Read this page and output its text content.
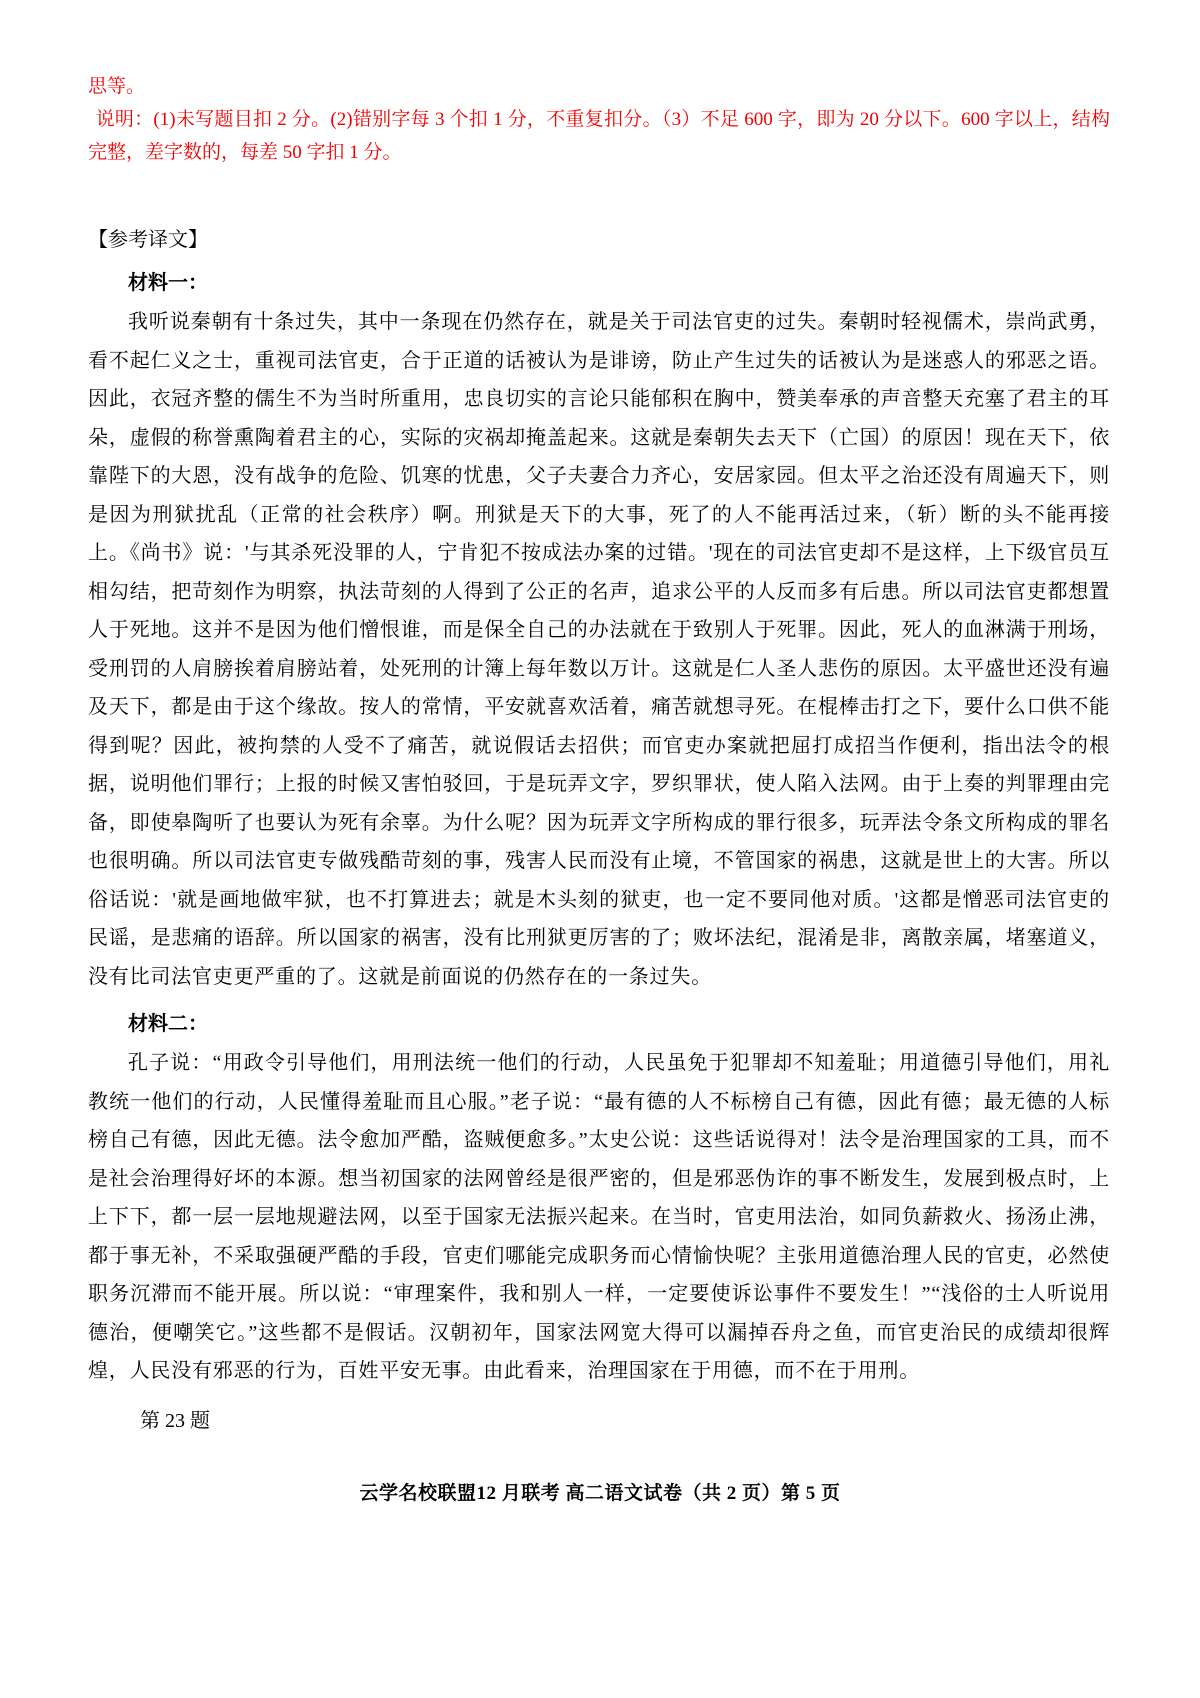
思等。

说明：(1)未写题目扣 2 分。(2)错别字每 3 个扣 1 分，不重复扣分。（3）不足 600 字，即为 20 分以下。600 字以上，结构完整，差字数的，每差 50 字扣 1 分。

【参考译文】

材料一：

我听说秦朝有十条过失，其中一条现在仍然存在，就是关于司法官吏的过失。秦朝时轻视儒术，崇尚武勇，看不起仁义之士，重视司法官吏，合于正道的话被认为是诽谤，防止产生过失的话被认为是迷惑人的邪恶之语。因此，衣冠齐整的儒生不为当时所重用，忠良切实的言论只能郁积在胸中，赞美奉承的声音整天充塞了君主的耳朵，虚假的称誉熏陶着君主的心，实际的灾祸却掩盖起来。这就是秦朝失去天下（亡国）的原因！现在天下，依靠陛下的大恩，没有战争的危险、饥寒的忧患，父子夫妻合力齐心，安居家园。但太平之治还没有周遍天下，则是因为刑狱扰乱（正常的社会秩序）啊。刑狱是天下的大事，死了的人不能再活过来，（斩）断的头不能再接上。《尚书》说：'与其杀死没罪的人，宁肯犯不按成法办案的过错。'现在的司法官吏却不是这样，上下级官员互相勾结，把苛刻作为明察，执法苛刻的人得到了公正的名声，追求公平的人反而多有后患。所以司法官吏都想置人于死地。这并不是因为他们憎恨谁，而是保全自己的办法就在于致别人于死罪。因此，死人的血淋满于刑场，受刑罚的人肩膀挨着肩膀站着，处死刑的计簿上每年数以万计。这就是仁人圣人悲伤的原因。太平盛世还没有遍及天下，都是由于这个缘故。按人的常情，平安就喜欢活着，痛苦就想寻死。在棍棒击打之下，要什么口供不能得到呢？因此，被拘禁的人受不了痛苦，就说假话去招供；而官吏办案就把屈打成招当作便利，指出法令的根据，说明他们罪行；上报的时候又害怕驳回，于是玩弄文字，罗织罪状，使人陷入法网。由于上奏的判罪理由完备，即使皋陶听了也要认为死有余辜。为什么呢？因为玩弄文字所构成的罪行很多，玩弄法令条文所构成的罪名也很明确。所以司法官吏专做残酷苛刻的事，残害人民而没有止境，不管国家的祸患，这就是世上的大害。所以俗话说：'就是画地做牢狱，也不打算进去；就是木头刻的狱吏，也一定不要同他对质。'这都是憎恶司法官吏的民谣，是悲痛的语辞。所以国家的祸害，没有比刑狱更厉害的了；败坏法纪，混淆是非，离散亲属，堵塞道义，没有比司法官吏更严重的了。这就是前面说的仍然存在的一条过失。

材料二：

孔子说：“用政令引导他们，用刑法统一他们的行动，人民虽免于犯罪却不知羞耻；用道德引导他们，用礼教统一他们的行动，人民懂得羞耻而且心服。”老子说：“最有德的人不标榜自己有德，因此有德；最无德的人标榜自己有德，因此无德。法令愈加严酷，盗贼便愈多。”太史公说：这些话说得对！法令是治理国家的工具，而不是社会治理得好坏的本源。想当初国家的法网曾经是很严密的，但是邪恶伪诈的事不断发生，发展到极点时，上上下下，都一层一层地规避法网，以至于国家无法振兴起来。在当时，官吏用法治，如同负薪救火、扬汤止沸，都于事无补，不采取强硬严酷的手段，官吏们哪能完成职务而心情愉快呢？主张用道德治理人民的官吏，必然使职务沉滞而不能开展。所以说：“审理案件，我和别人一样，一定要使诉讼事件不要发生！”“浅俗的士人听说用德治，便嘲笑它。”这些都不是假话。汉朝初年，国家法网宽大得可以漏掉吞舟之鱼，而官吏治民的成绩却很辉煌，人民没有邪恶的行为，百姓平安无事。由此看来，治理国家在于用德，而不在于用刑。

第 23 题

云学名校联盟12 月联考 高二语文试卷（共 2 页）第 5 页
